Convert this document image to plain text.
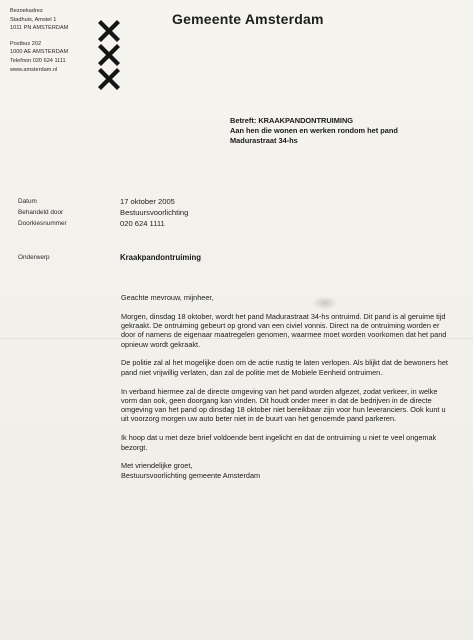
Bezoekadres
Stadhuis, Amstel 1
1011 PN AMSTERDAM
Postbus 202
1000 AE AMSTERDAM
Telefoon 020 624 1111
www.amsterdam.nl
Gemeente Amsterdam
Betreft: KRAAKPANDONTRUIMING
Aan hen die wonen en werken rondom het pand
Madurastraat 34-hs
Datum	17 oktober 2005
Behandeld door	Bestuursvoorlichting
Doorkiesnummer	020 624 1111
Onderwerp	Kraakpandontruiming

Geachte mevrouw, mijnheer,

Morgen, dinsdag 18 oktober, wordt het pand Madurastraat 34-hs ontruimd. Dit pand is al geruime tijd gekraakt. De ontruiming gebeurt op grond van een civiel vonnis. Direct na de ontruiming worden er door of namens de eigenaar maatregelen genomen, waarmee moet worden voorkomen dat het pand opnieuw wordt gekraakt.

De politie zal al het mogelijke doen om de actie rustig te laten verlopen. Als blijkt dat de bewoners het pand niet vrijwillig verlaten, dan zal de politie met de Mobiele Eenheid ontruimen.

In verband hiermee zal de directe omgeving van het pand worden afgezet, zodat verkeer, in welke vorm dan ook, geen doorgang kan vinden. Dit houdt onder meer in dat de bedrijven in de directe omgeving van het pand op dinsdag 18 oktober niet bereikbaar zijn voor hun leveranciers. Ook kunt u uit voorzorg morgen uw auto beter niet in de buurt van het genoemde pand parkeren.

Ik hoop dat u met deze brief voldoende bent ingelicht en dat de ontruiming u niet te veel ongemak bezorgt.

Met vriendelijke groet,
Bestuursvoorlichting gemeente Amsterdam
